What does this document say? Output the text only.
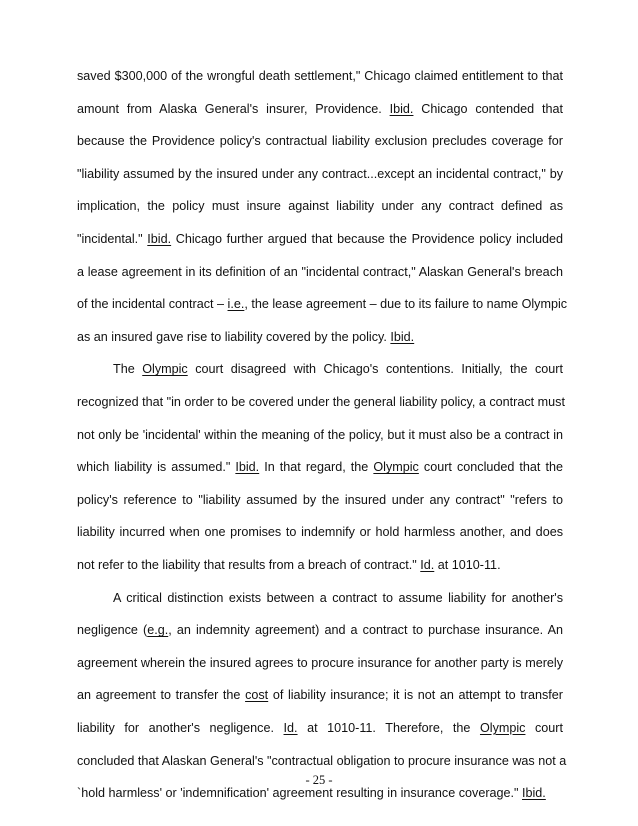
saved $300,000 of the wrongful death settlement," Chicago claimed entitlement to that
amount from Alaska General's insurer, Providence. Ibid. Chicago contended that
because the Providence policy's contractual liability exclusion precludes coverage for
"liability assumed by the insured under any contract...except an incidental contract," by
implication, the policy must insure against liability under any contract defined as
"incidental." Ibid. Chicago further argued that because the Providence policy included
a lease agreement in its definition of an "incidental contract," Alaskan General's breach
of the incidental contract – i.e., the lease agreement – due to its failure to name Olympic
as an insured gave rise to liability covered by the policy. Ibid.
The Olympic court disagreed with Chicago's contentions. Initially, the court
recognized that "in order to be covered under the general liability policy, a contract must
not only be 'incidental' within the meaning of the policy, but it must also be a contract in
which liability is assumed." Ibid. In that regard, the Olympic court concluded that the
policy's reference to "liability assumed by the insured under any contract" "refers to
liability incurred when one promises to indemnify or hold harmless another, and does
not refer to the liability that results from a breach of contract." Id. at 1010-11.
A critical distinction exists between a contract to assume liability for another's
negligence (e.g., an indemnity agreement) and a contract to purchase insurance. An
agreement wherein the insured agrees to procure insurance for another party is merely
an agreement to transfer the cost of liability insurance; it is not an attempt to transfer
liability for another's negligence. Id. at 1010-11. Therefore, the Olympic court
concluded that Alaskan General's "contractual obligation to procure insurance was not a
`hold harmless' or 'indemnification' agreement resulting in insurance coverage." Ibid.
- 25 -
